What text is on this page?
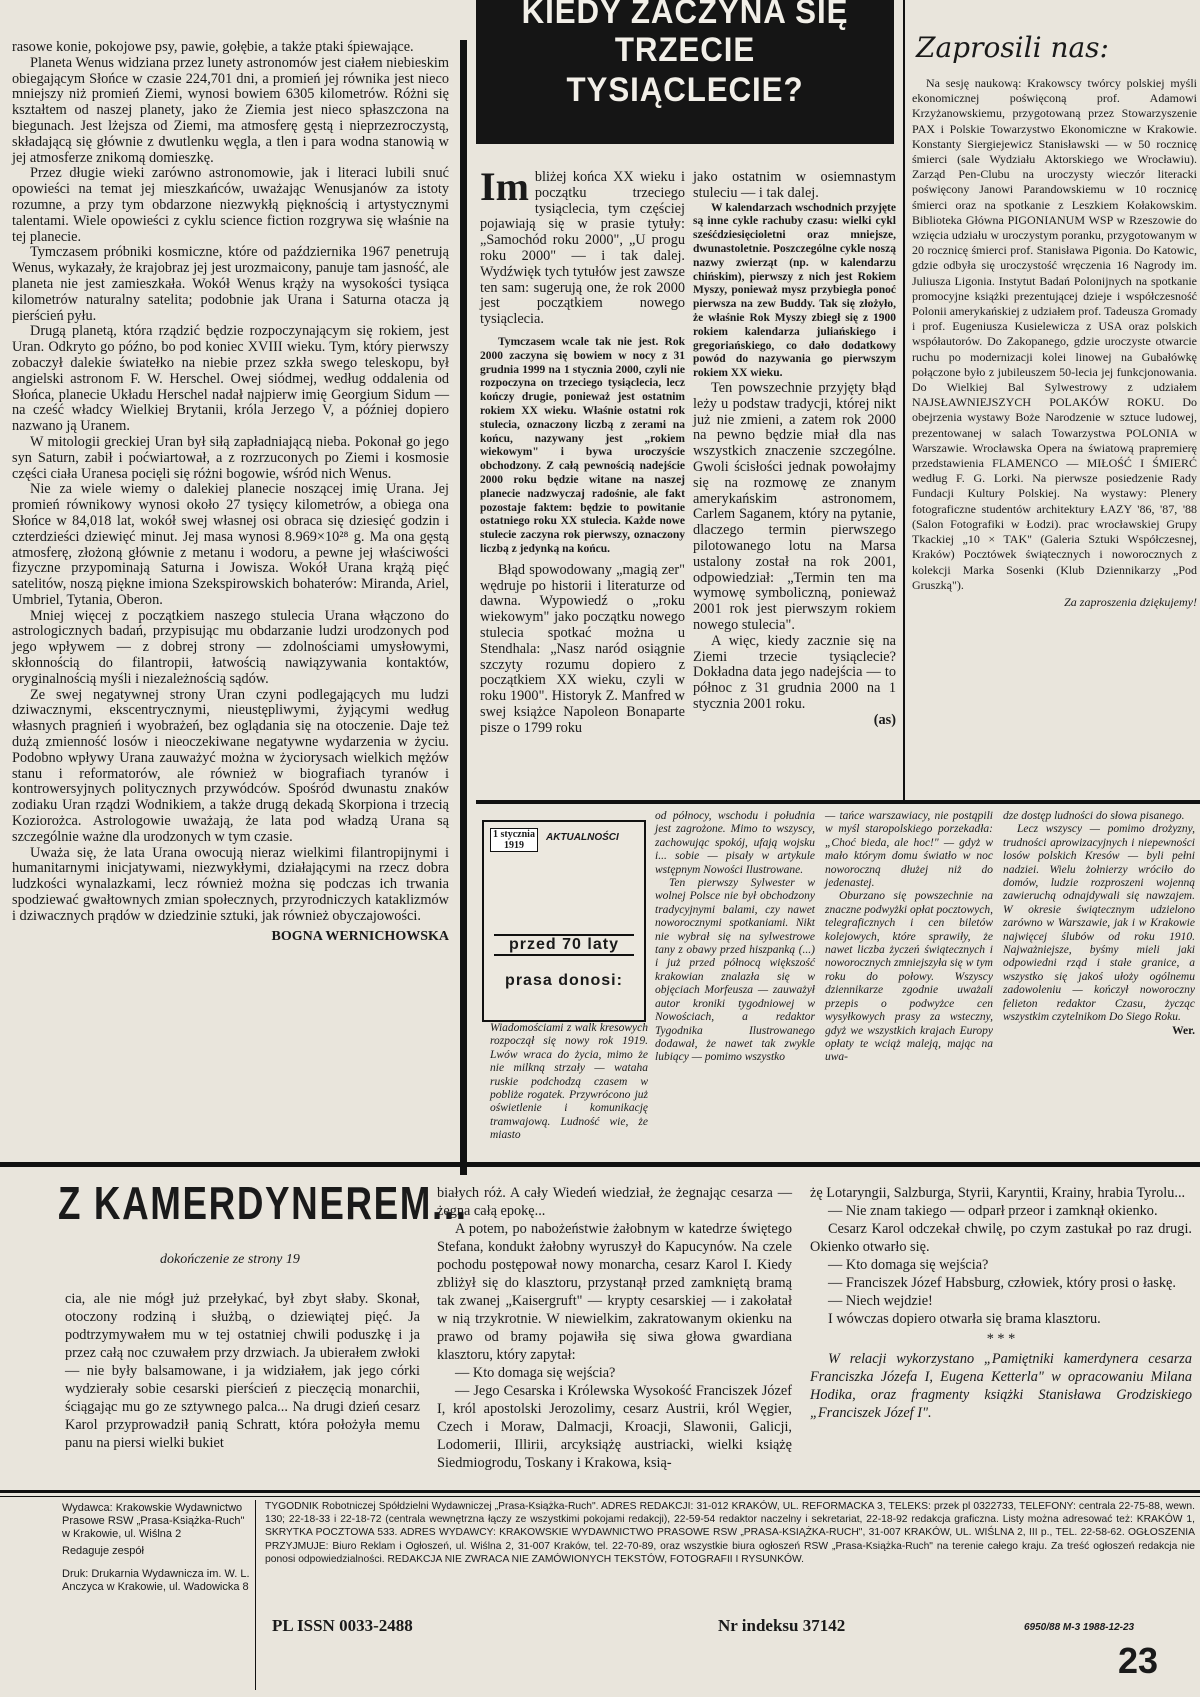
rasowe konie, pokojowe psy, pawie, gołębie, a także ptaki śpiewające.

Planeta Wenus widziana przez lunety astronomów jest ciałem niebieskim obiegającym Słońce w czasie 224,701 dni, a promień jej równika jest nieco mniejszy niż promień Ziemi, wynosi bowiem 6305 kilometrów. Różni się kształtem od naszej planety, jako że Ziemia jest nieco spłaszczona na biegunach. Jest lżejsza od Ziemi, ma atmosferę gęstą i nieprzezroczystą, składającą się głównie z dwutlenku węgla, a tlen i para wodna stanowią w jej atmosferze znikomą domieszkę.

Przez długie wieki zarówno astronomowie, jak i literaci lubili snuć opowieści na temat jej mieszkańców, uważając Wenusjanów za istoty rozumne, a przy tym obdarzone niezwykłą pięknością i artystycznymi talentami. Wiele opowieści z cyklu science fiction rozgrywa się właśnie na tej planecie.

Tymczasem próbniki kosmiczne, które od października 1967 penetrują Wenus, wykazały, że krajobraz jej jest urozmaicony, panuje tam jasność, ale planeta nie jest zamieszkała. Wokół Wenus krąży na wysokości tysiąca kilometrów naturalny satelita; podobnie jak Urana i Saturna otacza ją pierścień pyłu.

Drugą planetą, która rządzić będzie rozpoczynającym się rokiem, jest Uran. Odkryto go późno, bo pod koniec XVIII wieku. Tym, który pierwszy zobaczył dalekie światełko na niebie przez szkła swego teleskopu, był angielski astronom F. W. Herschel. Owej siódmej, według oddalenia od Słońca, planecie Układu Herschel nadał najpierw imię Georgium Sidum — na cześć władcy Wielkiej Brytanii, króla Jerzego V, a później dopiero nazwano ją Uranem.

W mitologii greckiej Uran był siłą zapładniającą nieba. Pokonał go jego syn Saturn, zabił i poćwiartował, a z rozrzuconych po Ziemi i kosmosie części ciała Uranesa pocięli się różni bogowie, wśród nich Wenus.

Nie za wiele wiemy o dalekiej planecie noszącej imię Urana. Jej promień równikowy wynosi około 27 tysięcy kilometrów, a obiega ona Słońce w 84,018 lat, wokół swej własnej osi obraca się dziesięć godzin i czterdzieści dziewięć minut. Jej masa wynosi 8.969×10²⁸ g. Ma ona gęstą atmosferę, złożoną głównie z metanu i wodoru, a pewne jej właściwości fizyczne przypominają Saturna i Jowisza. Wokół Urana krążą pięć satelitów, noszą piękne imiona Szekspirowskich bohaterów: Miranda, Ariel, Umbriel, Tytania, Oberon.

Mniej więcej z początkiem naszego stulecia Urana włączono do astrologicznych badań, przypisując mu obdarzanie ludzi urodzonych pod jego wpływem — z dobrej strony — zdolnościami umysłowymi, skłonnością do filantropii, łatwością nawiązywania kontaktów, oryginalnością myśli i niezależnością sądów.

Ze swej negatywnej strony Uran czyni podlegających mu ludzi dziwacznymi, ekscentrycznymi, nieustępliwymi, żyjącymi według własnych pragnień i wyobrażeń, bez oglądania się na otoczenie. Daje też dużą zmienność losów i nieoczekiwane negatywne wydarzenia w życiu. Podobno wpływy Urana zauważyć można w życiorysach wielkich mężów stanu i reformatorów, ale również w biografiach tyranów i kontrowersyjnych politycznych przywódców. Spośród dwunastu znaków zodiaku Uran rządzi Wodnikiem, a także drugą dekadą Skorpiona i trzecią Koziorożca. Astrologowie uważają, że lata pod władzą Urana są szczególnie ważne dla urodzonych w tym czasie.

Uważa się, że lata Urana owocują nieraz wielkimi filantropijnymi i humanitarnymi inicjatywami, niezwykłymi, działającymi na rzecz dobra ludzkości wynalazkami, lecz również można się podczas ich trwania spodziewać gwałtownych zmian społecznych, przyrodniczych kataklizmów i dziwacznych prądów w dziedzinie sztuki, jak również obyczajowości.

BOGNA WERNICHOWSKA
KIEDY ZACZYNA SIĘ
TRZECIE
TYSIĄCLECIE?

Im bliżej końca XX wieku i początku trzeciego tysiąclecia, tym częściej pojawiają się w prasie tytuły: „Samochód roku 2000", „U progu roku 2000" — i tak dalej. Wydźwięk tych tytułów jest zawsze ten sam: sugerują one, że rok 2000 jest początkiem nowego tysiąclecia.

Tymczasem wcale tak nie jest. Rok 2000 zaczyna się bowiem w nocy z 31 grudnia 1999 na 1 stycznia 2000, czyli nie rozpoczyna on trzeciego tysiąclecia, lecz kończy drugie, ponieważ jest ostatnim rokiem XX wieku. Właśnie ostatni rok stulecia, oznaczony liczbą z zerami na końcu, nazywany jest „rokiem wiekowym" i bywa uroczyście obchodzony. Z całą pewnością nadejście 2000 roku będzie witane na naszej planecie nadzwyczaj radośnie, ale fakt pozostaje faktem: będzie to powitanie ostatniego roku XX stulecia. Każde nowe stulecie zaczyna rok pierwszy, oznaczony liczbą z jedynką na końcu.

Błąd spowodowany „magią zer" wędruje po historii i literaturze od dawna. Wypowiedź o „roku wiekowym" jako początku nowego stulecia spotkać można u Stendhala: „Nasz naród osiągnie szczyty rozumu dopiero z początkiem XX wieku, czyli w roku 1900". Historyk Z. Manfred w swej książce Napoleon Bonaparte pisze o 1799 roku

jako ostatnim w osiemnastym stuleciu — i tak dalej.

W kalendarzach wschodnich przyjęte są inne cykle rachuby czasu: wielki cykl sześćdziesięcioletni oraz mniejsze, dwunastoletnie. Poszczególne cykle noszą nazwy zwierząt (np. w kalendarzu chińskim), pierwszy z nich jest Rokiem Myszy, ponieważ mysz przybiegła ponoć pierwsza na zew Buddy. Tak się złożyło, że właśnie Rok Myszy zbiegł się z 1900 rokiem kalendarza juliańskiego i gregoriańskiego, co dało dodatkowy powód do nazywania go pierwszym rokiem XX wieku.

Ten powszechnie przyjęty błąd leży u podstaw tradycji, której nikt już nie zmieni, a zatem rok 2000 na pewno będzie miał dla nas wszystkich znaczenie szczególne. Gwoli ścisłości jednak powołajmy się na rozmowę ze znanym amerykańskim astronomem, Carlem Saganem, który na pytanie, dlaczego termin pierwszego pilotowanego lotu na Marsa ustalony został na rok 2001, odpowiedział: „Termin ten ma wymowę symboliczną, ponieważ 2001 rok jest pierwszym rokiem nowego stulecia".

A więc, kiedy zacznie się na Ziemi trzecie tysiąclecie? Dokładna data jego nadejścia — to północ z 31 grudnia 2000 na 1 stycznia 2001 roku.

(as)
Zaprosili nas:
Na sesję naukową: Krakowscy twórcy polskiej myśli ekonomicznej poświęconą prof. Adamowi Krzyżanowskiemu, przygotowaną przez Stowarzyszenie PAX i Polskie Towarzystwo Ekonomiczne w Krakowie. Konstanty Siergiejewicz Stanisławski — w 50 rocznicę śmierci (sale Wydziału Aktorskiego we Wrocławiu). Zarząd Pen-Clubu na uroczysty wieczór literacki poświęcony Janowi Parandowskiemu w 10 rocznicę śmierci oraz na spotkanie z Leszkiem Kołakowskim. Biblioteka Główna PIGONIANUM WSP w Rzeszowie do wzięcia udziału w uroczystym poranku, przygotowanym w 20 rocznicę śmierci prof. Stanisława Pigonia. Do Katowic, gdzie odbyła się uroczystość wręczenia 16 Nagrody im. Juliusza Ligonia. Instytut Badań Polonijnych na spotkanie promocyjne książki prezentującej dzieje i współczesność Polonii amerykańskiej z udziałem prof. Tadeusza Gromady i prof. Eugeniusza Kusielewicza z USA oraz polskich współautorów. Do Zakopanego, gdzie uroczyste otwarcie ruchu po modernizacji kolei linowej na Gubałówkę połączone było z jubileuszem 50-lecia jej funkcjonowania. Do Wielkiej Bal Sylwestrowy z udziałem NAJSŁAWNIEJSZYCH POLAKÓW ROKU. Do obejrzenia wystawy Boże Narodzenie w sztuce ludowej, prezentowanej w salach Towarzystwa POLONIA w Warszawie. Wrocławska Opera na światową prapremierę przedstawienia FLAMENCO — MIŁOŚĆ I ŚMIERĆ według F. G. Lorki. Na pierwsze posiedzenie Rady Fundacji Kultury Polskiej. Na wystawy: Plenery fotograficzne studentów architektury ŁAZY '86, '87, '88 (Salon Fotografiki w Łodzi). prac wrocławskiej Grupy Tkackiej „10 × TAK" (Galeria Sztuki Współczesnej, Kraków) Pocztówek świątecznych i noworocznych z kolekcji Marka Sosenki (Klub Dziennikarzy „Pod Gruszką").
Za zaproszenia dziękujemy!
1 stycznia 1919
AKTUALNOŚCI
przed 70 laty
prasa donosi:
Wiadomościami z walk kresowych rozpoczął się nowy rok 1919. Lwów wraca do życia, mimo że nie milkną strzały — wataha ruskie podchodzą czasem w pobliże rogatek. Przywrócono już oświetlenie i komunikację tramwajową. Ludność wie, że miasto

od północy, wschodu i południa jest zagrożone. Mimo to wszyscy, zachowując spokój, ufają wojsku i... sobie — pisały w artykule wstępnym Nowości Ilustrowane.

Ten pierwszy Sylwester w wolnej Polsce nie był obchodzony tradycyjnymi balami, czy nawet noworocznymi spotkaniami. Nikt nie wybrał się na sylwestrowe tany z obawy przed hiszpanką (...) i już przed północą większość krakowian znalazła się w objęciach Morfeusza — zauważył autor kroniki tygodniowej w Nowościach, a redaktor Tygodnika Ilustrowanego dodawał, że nawet tak zwykle lubiący — pomimo wszystko

— tańce warszawiacy, nie postąpili w myśl staropolskiego porzekadła: „Choć bieda, ale hoc!" — gdyż w mało którym domu światło w noc noworoczną dłużej niż do jedenastej.

Oburzano się powszechnie na znaczne podwyżki opłat pocztowych, telegraficznych i cen biletów kolejowych, które sprawiły, że nawet liczba życzeń świątecznych i noworocznych zmniejszyła się w tym roku do połowy. Wszyscy dziennikarze zgodnie uważali przepis o podwyżce cen wysyłkowych prasy za wsteczny, gdyż we wszystkich krajach Europy opłaty te wciąż maleją, mając na uwa-

dze dostęp ludności do słowa pisanego.

Lecz wszyscy — pomimo drożyzny, trudności aprowizacyjnych i niepewności losów polskich Kresów — byli pełni nadziei. Wielu żołnierzy wróciło do domów, ludzie rozproszeni wojenną zawieruchą odnajdywali się nawzajem. W okresie świątecznym udzielono zarówno w Warszawie, jak i w Krakowie najwięcej ślubów od roku 1910. Najważniejsze, byśmy mieli jaki odpowiedni rząd i stałe granice, a wszystko się jakoś ułoży ogólnemu zadowoleniu — kończył noworoczny felieton redaktor Czasu, życząc wszystkim czytelnikom Do Siego Roku.

Wer.
Z KAMERDYNEREM...
dokończenie ze strony 19
cia, ale nie mógł już przełykać, był zbyt słaby. Skonał, otoczony rodziną i służbą, o dziewiątej pięć. Ja podtrzymywałem mu w tej ostatniej chwili poduszkę i ja przez całą noc czuwałem przy drzwiach. Ja ubierałem zwłoki — nie były balsamowane, i ja widziałem, jak jego córki wydzierały sobie cesarski pierścień z pieczęcią monarchii, ściągając mu go ze sztywnego palca... Na drugi dzień cesarz Karol przyprowadził panią Schratt, która położyła memu panu na piersi wielki bukiet

białych róż. A cały Wiedeń wiedział, że żegnając cesarza — żegna całą epokę...

A potem, po nabożeństwie żałobnym w katedrze świętego Stefana, kondukt żałobny wyruszył do Kapucynów. Na czele pochodu postępował nowy monarcha, cesarz Karol I. Kiedy zbliżył się do klasztoru, przystanął przed zamkniętą bramą tak zwanej „Kaisergruft" — krypty cesarskiej — i zakołatał w nią trzykrotnie. W niewielkim, zakratowanym okienku na prawo od bramy pojawiła się siwa głowa gwardiana klasztoru, który zapytał:

— Kto domaga się wejścia?

— Jego Cesarska i Królewska Wysokość Franciszek Józef I, król apostolski Jerozolimy, cesarz Austrii, król Węgier, Czech i Moraw, Dalmacji, Kroacji, Slawonii, Galicji, Lodomerii, Illirii, arcyksiążę austriacki, wielki książę Siedmiogrodu, Toskany i Krakowa, ksią-

żę Lotaryngii, Salzburga, Styrii, Karyntii, Krainy, hrabia Tyrolu...

— Nie znam takiego — odparł przeor i zamknął okienko.

Cesarz Karol odczekał chwilę, po czym zastukał po raz drugi. Okienko otwarło się.

— Kto domaga się wejścia?

— Franciszek Józef Habsburg, człowiek, który prosi o łaskę.

— Niech wejdzie!

I wówczas dopiero otwarła się brama klasztoru.

* * *

W relacji wykorzystano „Pamiętniki kamerdynera cesarza Franciszka Józefa I, Eugena Ketterla" w opracowaniu Milana Hodika, oraz fragmenty książki Stanisława Grodziskiego „Franciszek Józef I".

Wydawca: Krakowskie Wydawnictwo Prasowe RSW „Prasa-Książka-Ruch" w Krakowie, ul. Wiślna 2
Redaguje zespół
Druk: Drukarnia Wydawnicza im. W. L. Anczyca w Krakowie, ul. Wadowicka 8
TYGODNIK Robotniczej Spółdzielni Wydawniczej „Prasa-Książka-Ruch". ADRES REDAKCJI: 31-012 KRAKÓW, UL. REFORMACKA 3, TELEKS: przek pl 0322733, TELEFONY: centrala 22-75-88, wewn. 130; 22-18-33 i 22-18-72 (centrala wewnętrzna łączy ze wszystkimi pokojami redakcji), 22-59-54 redaktor naczelny i sekretariat, 22-18-92 redakcja graficzna. Listy można adresować też: KRAKÓW 1, SKRYTKA POCZTOWA 533. ADRES WYDAWCY: KRAKOWSKIE WYDAWNICTWO PRASOWE RSW „PRASA-KSIĄŻKA-RUCH", 31-007 KRAKÓW, UL. WIŚLNA 2, III p., TEL. 22-58-62. OGŁOSZENIA PRZYJMUJE: Biuro Reklam i Ogłoszeń, ul. Wiślna 2, 31-007 Kraków, tel. 22-70-89, oraz wszystkie biura ogłoszeń RSW „Prasa-Książka-Ruch" na terenie całego kraju. Za treść ogłoszeń redakcja nie ponosi odpowiedzialności. REDAKCJA NIE ZWRACA NIE ZAMÓWIONYCH TEKSTÓW, FOTOGRAFII I RYSUNKÓW.
PL ISSN 0033-2488	Nr indeksu 37142	6950/88 M-3 1988-12-23
23
